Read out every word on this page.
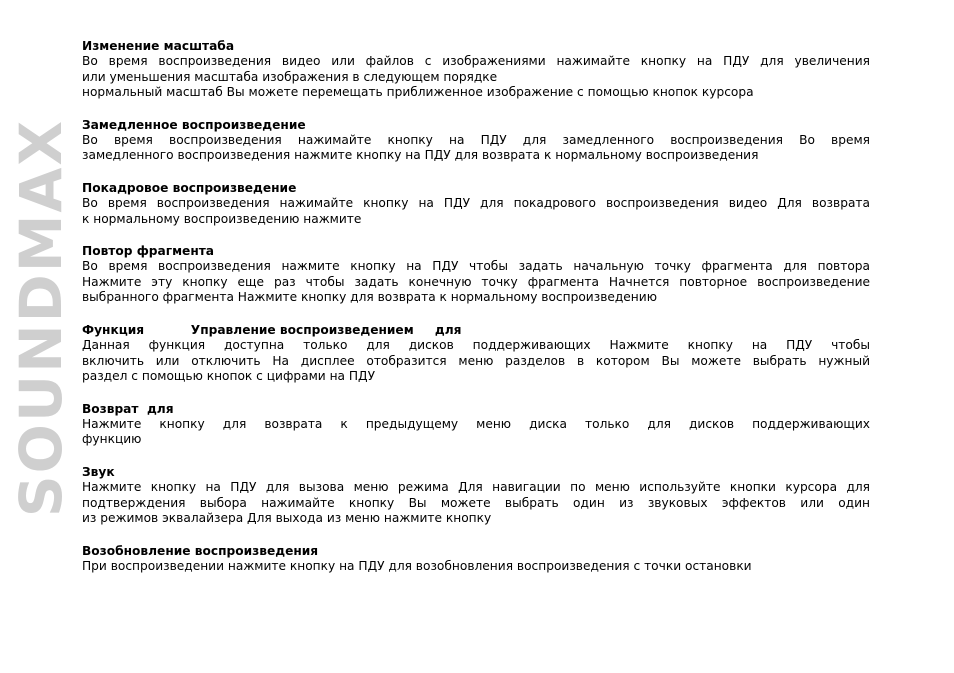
SOUNDMAX
Изменение масштаба

Во время воспроизведения видео или файлов с изображениями нажимайте кнопку на ПДУ для увеличения
или уменьшения масштаба изображения в следующем порядке
нормальный масштаб Вы можете перемещать приближенное изображение с помощью кнопок курсора

Замедленное воспроизведение

Во время воспроизведения нажимайте кнопку на ПДУ для замедленного воспроизведения Во время
замедленного воспроизведения нажмите кнопку на ПДУ для возврата к нормальному воспроизведения

Покадровое воспроизведение

Во время воспроизведения нажимайте кнопку на ПДУ для покадрового воспроизведения видео Для возврата
к нормальному воспроизведению нажмите

Повтор фрагмента

Во время воспроизведения нажмите кнопку на ПДУ чтобы задать начальную точку фрагмента для повтора
Нажмите эту кнопку еще раз чтобы задать конечную точку фрагмента Начнется повторное воспроизведение
выбранного фрагмента Нажмите кнопку для возврата к нормальному воспроизведению

Функция           Управление воспроизведением     для

Данная функция доступна только для дисков поддерживающих Нажмите кнопку на ПДУ чтобы
включить или отключить На дисплее отобразится меню разделов в котором Вы можете выбрать нужный
раздел с помощью кнопок с цифрами на ПДУ

Возврат  для

Нажмите кнопку для возврата к предыдущему меню диска только для дисков поддерживающих
функцию

Звук

Нажмите кнопку на ПДУ для вызова меню режима Для навигации по меню используйте кнопки курсора для
подтверждения выбора нажимайте кнопку Вы можете выбрать один из звуковых эффектов или один
из режимов эквалайзера Для выхода из меню нажмите кнопку

Возобновление воспроизведения

При воспроизведении нажмите кнопку на ПДУ для возобновления воспроизведения с точки остановки
